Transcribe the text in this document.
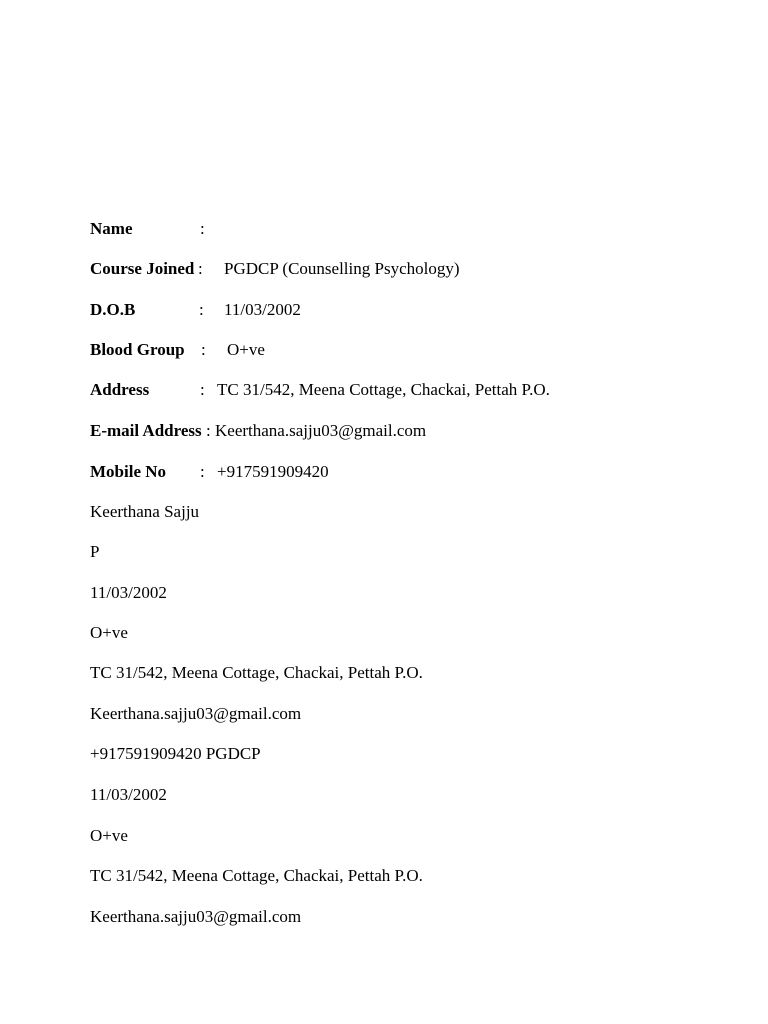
Name	:
Course Joined : PGDCP (Counselling Psychology)
D.O.B	: 11/03/2002
Blood Group : O+ve
Address	: TC 31/542, Meena Cottage, Chackai, Pettah P.O.
E-mail Address : Keerthana.sajju03@gmail.com
Mobile No : +917591909420
Keerthana Sajju
P
11/03/2002
O+ve
TC 31/542, Meena Cottage, Chackai, Pettah P.O.
Keerthana.sajju03@gmail.com
+917591909420 PGDCP
11/03/2002
O+ve
TC 31/542, Meena Cottage, Chackai, Pettah P.O.
Keerthana.sajju03@gmail.com
